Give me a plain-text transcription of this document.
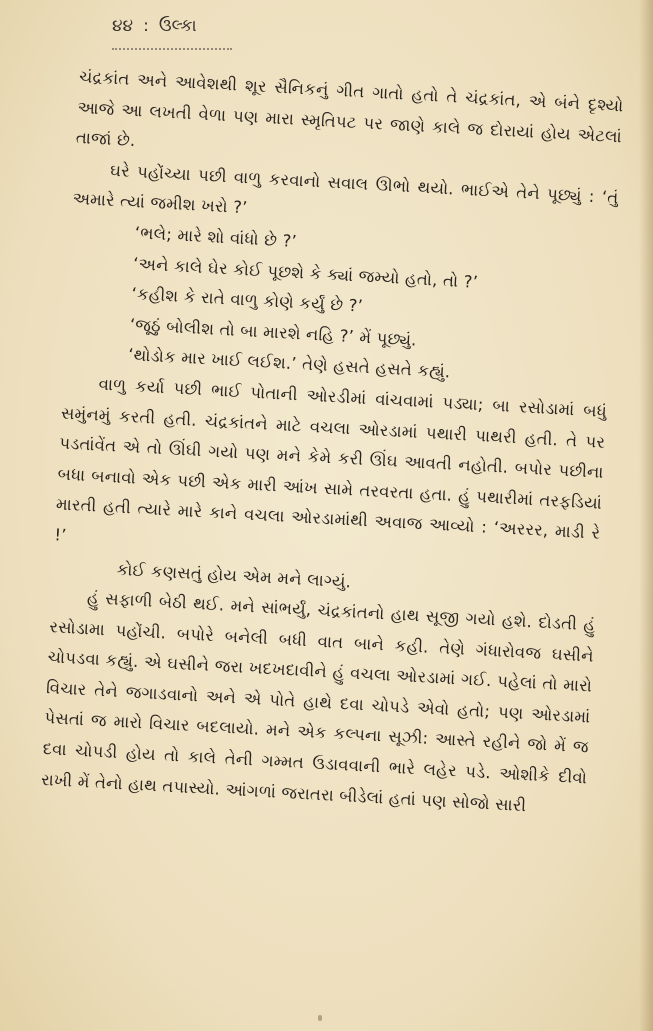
૪૪ : ઉલ્કા

ચંદ્રકાંત અને આવેશથી શૂર સૈનિકનું ગીત ગાતો હતો તે ચંદ્રકાંત, એ બંને દૃશ્યો આજે આ લખતી વેળા પણ મારા સ્મૃતિપટ પર જાણે કાલે જ દોરાયાં હોય એટલાં તાજાં છે.

ઘરે પહોંચ્યા પછી વાળુ કરવાનો સવાલ ઊભો થયો. ભાઈએ તેને પૂછ્યું : ‘તું અમારે ત્યાં જમીશ ખરો ?’

‘ભલે; મારે શો વાંધો છે ?’

‘અને કાલે ઘેર કોઈ પૂછશે કે ક્યાં જમ્યો હતો, તો ?’

‘કહીશ કે રાતે વાળુ કોણે કર્યું છે ?’

‘જૂઠું બોલીશ તો બા મારશે નહિ ?’ મેં પૂછ્યું.

‘થોડોક માર ખાઈ લઈશ.’ તેણે હસતે હસતે કહ્યું.

વાળુ કર્યા પછી ભાઈ પોતાની ઓરડીમાં વાંચવામાં પડ્યા; બા રસોડામાં બધું સમુંનમું કરતી હતી. ચંદ્રકાંતને માટે વચલા ઓરડામાં પથારી પાથરી હતી. તે પર પડતાંવેંત એ તો ઊંઘી ગયો પણ મને કેમે કરી ઊંઘ આવતી નહોતી. બપોર પછીના બધા બનાવો એક પછી એક મારી આંખ સામે તરવરતા હતા. હું પથારીમાં તરફડિયાં મારતી હતી ત્યારે મારે કાને વચલા ઓરડામાંથી અવાજ આવ્યો : ‘અરરર, માડી રે !’

કોઈ કણસતું હોય એમ મને લાગ્યું.

હું સફાળી બેઠી થઈ. મને સાંભર્યું, ચંદ્રકાંતનો હાથ સૂજી ગયો હશે. દોડતી હું રસોડામા પહોંચી. બપોરે બનેલી બધી વાત બાને કહી. તેણે ગંધારોવજ ઘસીને ચોપડવા કહ્યું. એ ઘસીને જરા ખદખદાવીને હું વચલા ઓરડામાં ગઈ. પહેલાં તો મારો વિચાર તેને જગાડવાનો અને એ પોતે હાથે દવા ચોપડે એવો હતો; પણ ઓરડામાં પેસતાં જ મારો વિચાર બદલાયો. મને એક કલ્પના સૂઝી: આસ્તે રહીને જો મેં જ દવા ચોપડી હોય તો કાલે તેની ગમ્મત ઉડાવવાની ભારે લહેર પડે. ઓશીકે દીવો રાખી મેં તેનો હાથ તપાસ્યો. આંગળાં જરાતરા બીડેલાં હતાં પણ સોજો સારી
